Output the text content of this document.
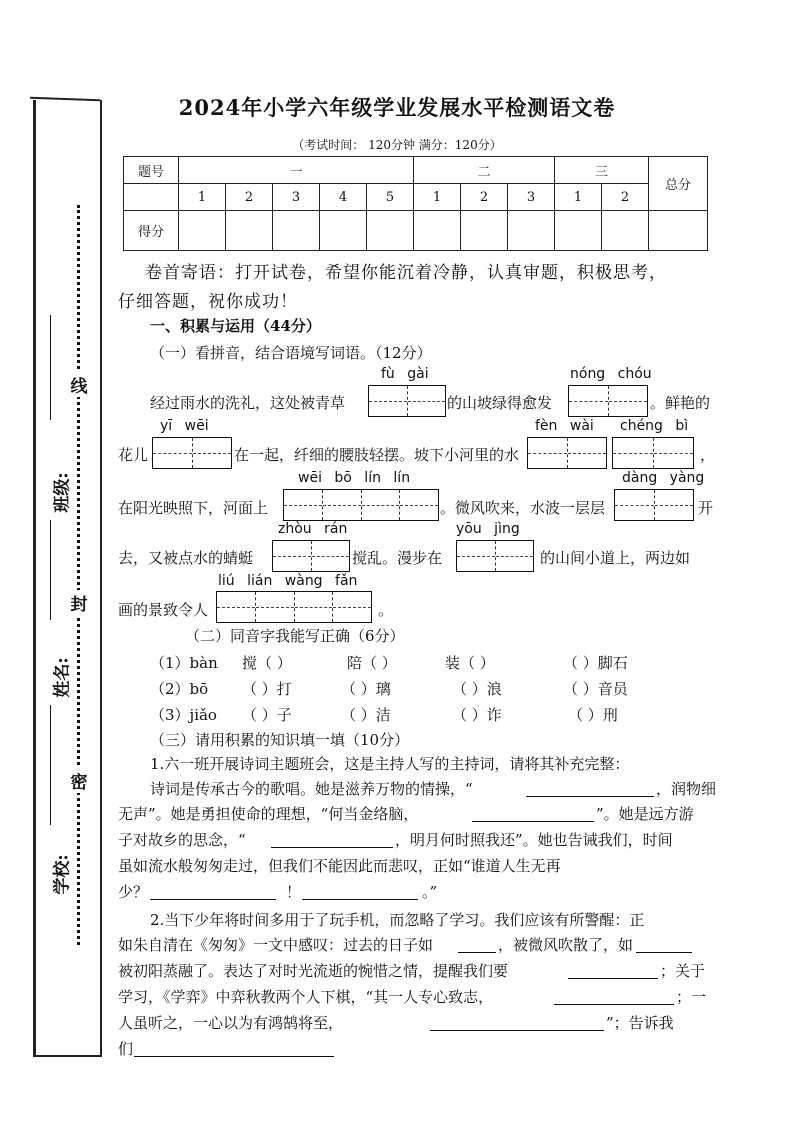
线
封
密
班级:
姓名:
学校:
2024年小学六年级学业发展水平检测语文卷
（考试时间： 120分钟 满分：120分）
题号	一					二			三		总分
	1	2	3	4	5	1	2	3	1	2	
得分											
卷首寄语：打开试卷，希望你能沉着冷静，认真审题，积极思考，
仔细答题，祝你成功！
一、积累与运用（44分）
（一）看拼音，结合语境写词语。（12分）
经过雨水的洗礼，这处被青草
fù gài
的山坡绿得愈发
nóng chóu
。鲜艳的
花儿
yī wēi
在一起，纤细的腰肢轻摆。坡下小河里的水
fèn wài chéng bì
，
在阳光映照下，河面上
wēi bō lín lín
。微风吹来，水波一层层
dàng yàng
开
去，又被点水的蜻蜓
zhòu rán
搅乱。漫步在
yōu jìng
的山间小道上，两边如
画的景致令人
liú lián wàng fǎn
。
（二）同音字我能写正确（6分）
（1）bàn 搅（ ）	陪（ ）	装（ ）	（ ）脚石
（2）bō （ ）打	（ ）璃	（ ）浪	（ ）音员
（3）jiǎo （ ）子	（ ）洁	（ ）诈	（ ）刑
（三）请用积累的知识填一填（10分）
1.六一班开展诗词主题班会，这是主持人写的主持词，请将其补充完整：
诗词是传承古今的歌唱。她是滋养万物的情操，“	，润物细
无声”。她是勇担使命的理想，“何当金络脑，	”。她是远方游
子对故乡的思念，“	，明月何时照我还”。她也告诫我们，时间
虽如流水般匆匆走过，但我们不能因此而悲叹，正如“谁道人生无再
少？	！	。”
2.当下少年将时间多用于了玩手机，而忽略了学习。我们应该有所警醒：正
如朱自清在《匆匆》一文中感叹：过去的日子如	，被微风吹散了，如
被初阳蒸融了。表达了对时光流逝的惋惜之情，提醒我们要	；关于
学习，《学弈》中弈秋教两个人下棋，“其一人专心致志，	；一
人虽听之，一心以为有鸿鹄将至，	”；告诉我
们
